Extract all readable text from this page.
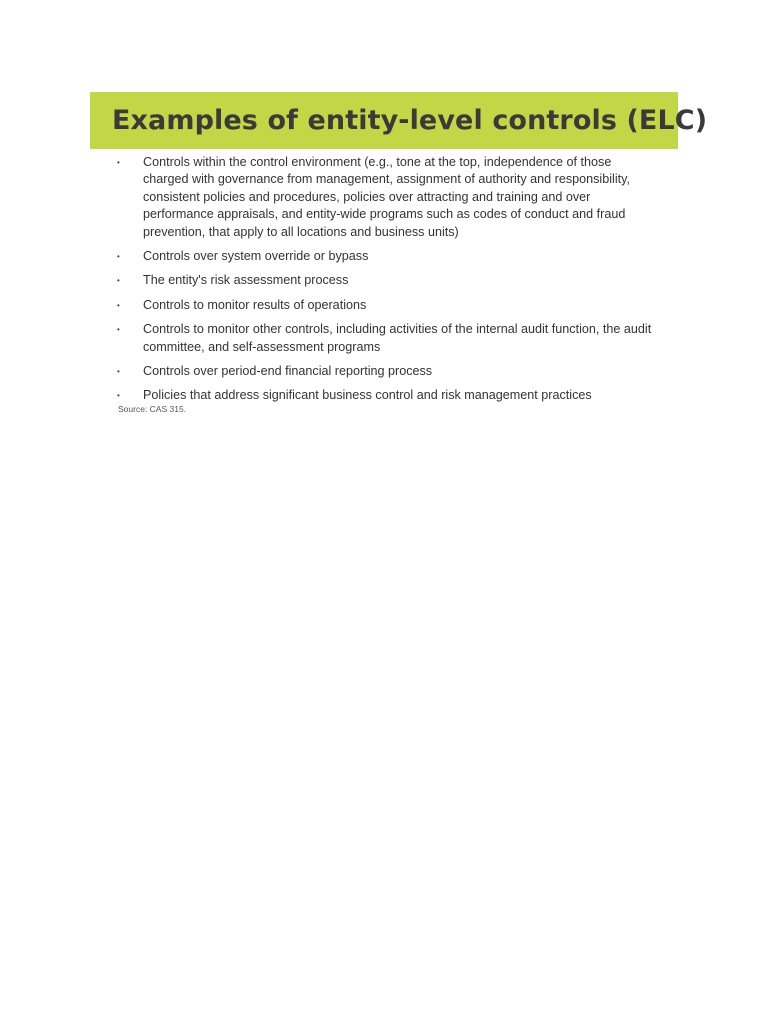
Examples of entity-level controls (ELC)
•	Controls within the control environment (e.g., tone at the top, independence of those charged with governance from management, assignment of authority and responsibility, consistent policies and procedures, policies over attracting and training and over performance appraisals, and entity-wide programs such as codes of conduct and fraud prevention, that apply to all locations and business units)
•	Controls over system override or bypass
•	The entity's risk assessment process
•	Controls to monitor results of operations
•	Controls to monitor other controls, including activities of the internal audit function, the audit committee, and self-assessment programs
•	Controls over period-end financial reporting process
•	Policies that address significant business control and risk management practices
Source: CAS 315.
